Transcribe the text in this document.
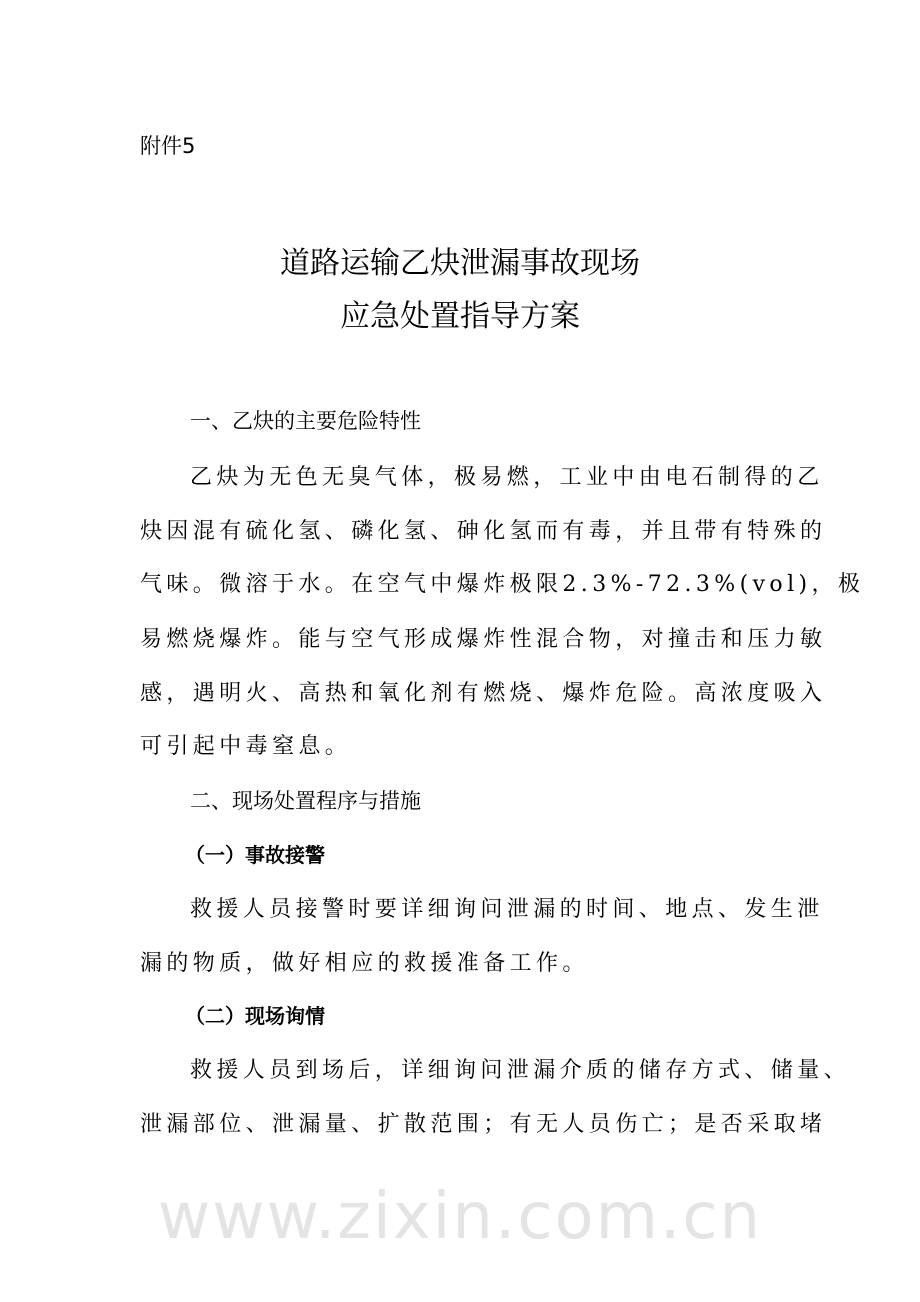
www.zixin.com.cn
附件5
道路运输乙炔泄漏事故现场
应急处置指导方案
一、乙炔的主要危险特性
乙炔为无色无臭气体，极易燃，工业中由电石制得的乙
炔因混有硫化氢、磷化氢、砷化氢而有毒，并且带有特殊的
气味。微溶于水。在空气中爆炸极限2.3%-72.3%(vol)，极
易燃烧爆炸。能与空气形成爆炸性混合物，对撞击和压力敏
感，遇明火、高热和氧化剂有燃烧、爆炸危险。高浓度吸入
可引起中毒窒息。
二、现场处置程序与措施
（一）事故接警
救援人员接警时要详细询问泄漏的时间、地点、发生泄
漏的物质，做好相应的救援准备工作。
（二）现场询情
救援人员到场后，详细询问泄漏介质的储存方式、储量、
泄漏部位、泄漏量、扩散范围；有无人员伤亡；是否采取堵
